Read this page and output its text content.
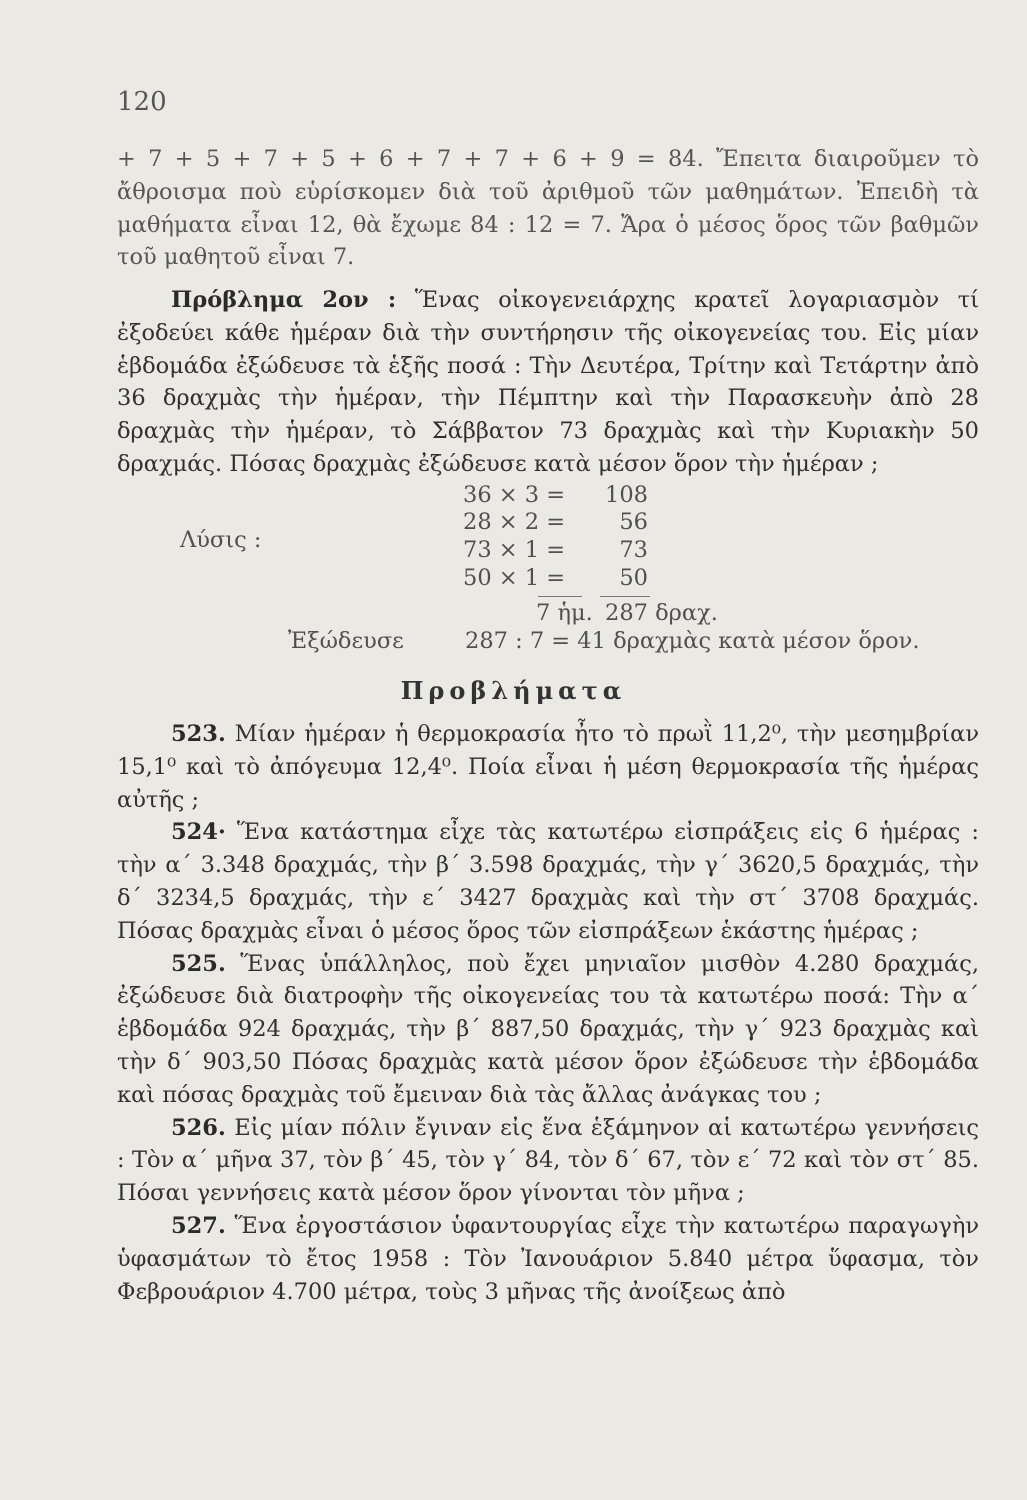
120

+ 7 + 5 + 7 + 5 + 6 + 7 + 7 + 6 + 9 = 84. Ἔπειτα διαιροῦμεν τὸ ἄθροισμα ποὺ εὑρίσκομεν διὰ τοῦ ἀριθμοῦ τῶν μαθημάτων. Ἐπειδὴ τὰ μαθήματα εἶναι 12, θὰ ἔχωμε 84 : 12 = 7. Ἄρα ὁ μέσος ὅρος τῶν βαθμῶν τοῦ μαθητοῦ εἶναι 7.

Πρόβλημα 2ον : Ἕνας οἰκογενειάρχης κρατεῖ λογαριασμὸν τί ἐξοδεύει κάθε ἡμέραν διὰ τὴν συντήρησιν τῆς οἰκογενείας του. Εἰς μίαν ἑβδομάδα ἐξώδευσε τὰ ἑξῆς ποσά : Τὴν Δευτέρα, Τρίτην καὶ Τετάρτην ἀπὸ 36 δραχμὰς τὴν ἡμέραν, τὴν Πέμπτην καὶ τὴν Παρασκευὴν ἀπὸ 28 δραχμὰς τὴν ἡμέραν, τὸ Σάββατον 73 δραχμὰς καὶ τὴν Κυριακὴν 50 δραχμάς. Πόσας δραχμὰς ἐξώδευσε κατὰ μέσον ὅρον τὴν ἡμέραν ;

Λύσις :
36 × 3 =	108
28 × 2 =	56
73 × 1 =	73
50 × 1 =	50
7 ἡμ. 287 δραχ.
Ἐξώδευσε	287 : 7 = 41 δραχμὰς κατὰ μέσον ὅρον.
Προβλήματα

523. Μίαν ἡμέραν ἡ θερμοκρασία ἦτο τὸ πρωῒ 11,2⁰, τὴν μεσημβρίαν 15,1⁰ καὶ τὸ ἀπόγευμα 12,4⁰. Ποία εἶναι ἡ μέση θερμοκρασία τῆς ἡμέρας αὐτῆς ;

524· Ἕνα κατάστημα εἶχε τὰς κατωτέρω εἰσπράξεις εἰς 6 ἡμέρας : τὴν α΄ 3.348 δραχμάς, τὴν β΄ 3.598 δραχμάς, τὴν γ΄ 3620,5 δραχμάς, τὴν δ΄ 3234,5 δραχμάς, τὴν ε΄ 3427 δραχμὰς καὶ τὴν στ΄ 3708 δραχμάς. Πόσας δραχμὰς εἶναι ὁ μέσος ὅρος τῶν εἰσπράξεων ἑκάστης ἡμέρας ;

525. Ἕνας ὑπάλληλος, ποὺ ἔχει μηνιαῖον μισθὸν 4.280 δραχμάς, ἐξώδευσε διὰ διατροφὴν τῆς οἰκογενείας του τὰ κατωτέρω ποσά: Τὴν α΄ ἑβδομάδα 924 δραχμάς, τὴν β΄ 887,50 δραχμάς, τὴν γ΄ 923 δραχμὰς καὶ τὴν δ΄ 903,50 Πόσας δραχμὰς κατὰ μέσον ὅρον ἐξώδευσε τὴν ἑβδομάδα καὶ πόσας δραχμὰς τοῦ ἔμειναν διὰ τὰς ἄλλας ἀνάγκας του ;

526. Εἰς μίαν πόλιν ἔγιναν εἰς ἕνα ἑξάμηνον αἱ κατωτέρω γεννήσεις : Τὸν α΄ μῆνα 37, τὸν β΄ 45, τὸν γ΄ 84, τὸν δ΄ 67, τὸν ε΄ 72 καὶ τὸν στ΄ 85. Πόσαι γεννήσεις κατὰ μέσον ὅρον γίνονται τὸν μῆνα ;

527. Ἕνα ἐργοστάσιον ὑφαντουργίας εἶχε τὴν κατωτέρω παραγωγὴν ὑφασμάτων τὸ ἔτος 1958 : Τὸν Ἰανουάριον 5.840 μέτρα ὕφασμα, τὸν Φεβρουάριον 4.700 μέτρα, τοὺς 3 μῆνας τῆς ἀνοίξεως ἀπὸ
